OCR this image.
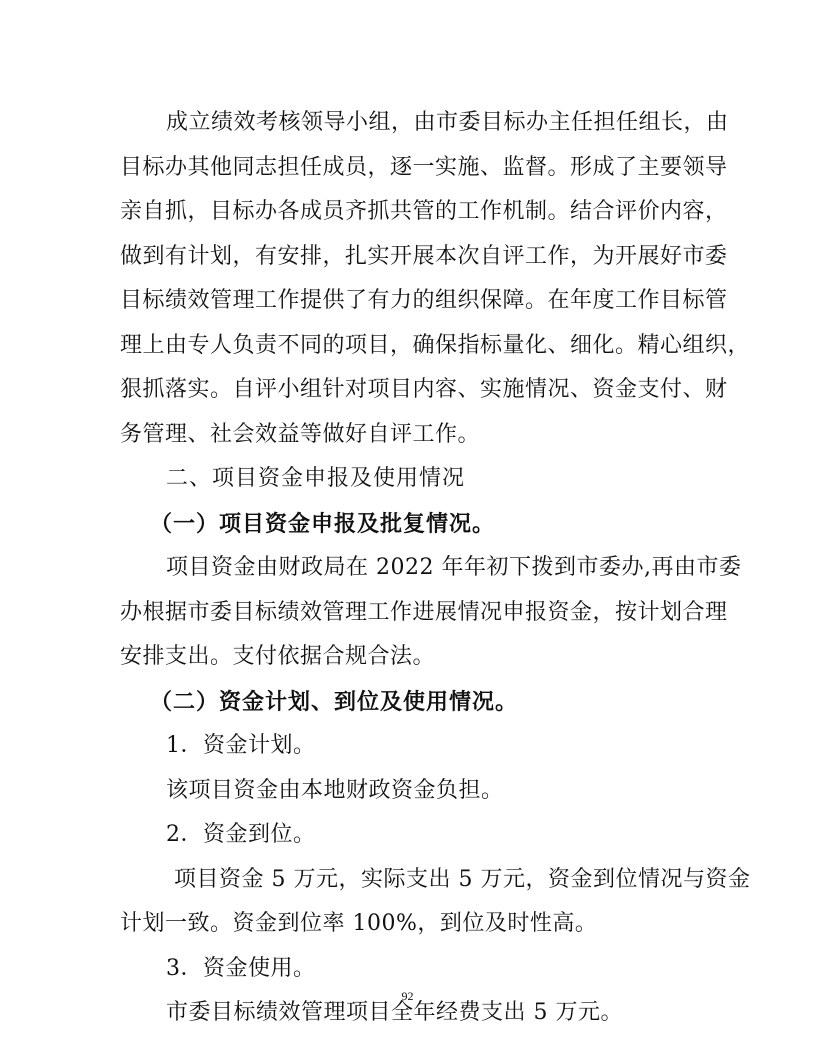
成立绩效考核领导小组，由市委目标办主任担任组长，由
目标办其他同志担任成员，逐一实施、监督。形成了主要领导
亲自抓，目标办各成员齐抓共管的工作机制。结合评价内容，
做到有计划，有安排，扎实开展本次自评工作，为开展好市委
目标绩效管理工作提供了有力的组织保障。在年度工作目标管
理上由专人负责不同的项目，确保指标量化、细化。精心组织，
狠抓落实。自评小组针对项目内容、实施情况、资金支付、财
务管理、社会效益等做好自评工作。
二、项目资金申报及使用情况
（一）项目资金申报及批复情况。
项目资金由财政局在 2022 年年初下拨到市委办,再由市委
办根据市委目标绩效管理工作进展情况申报资金，按计划合理
安排支出。支付依据合规合法。
（二）资金计划、到位及使用情况。
1．资金计划。
该项目资金由本地财政资金负担。
2．资金到位。
项目资金 5 万元，实际支出 5 万元，资金到位情况与资金
计划一致。资金到位率 100%，到位及时性高。
3．资金使用。
市委目标绩效管理项目全年经费支出 5 万元。
92
